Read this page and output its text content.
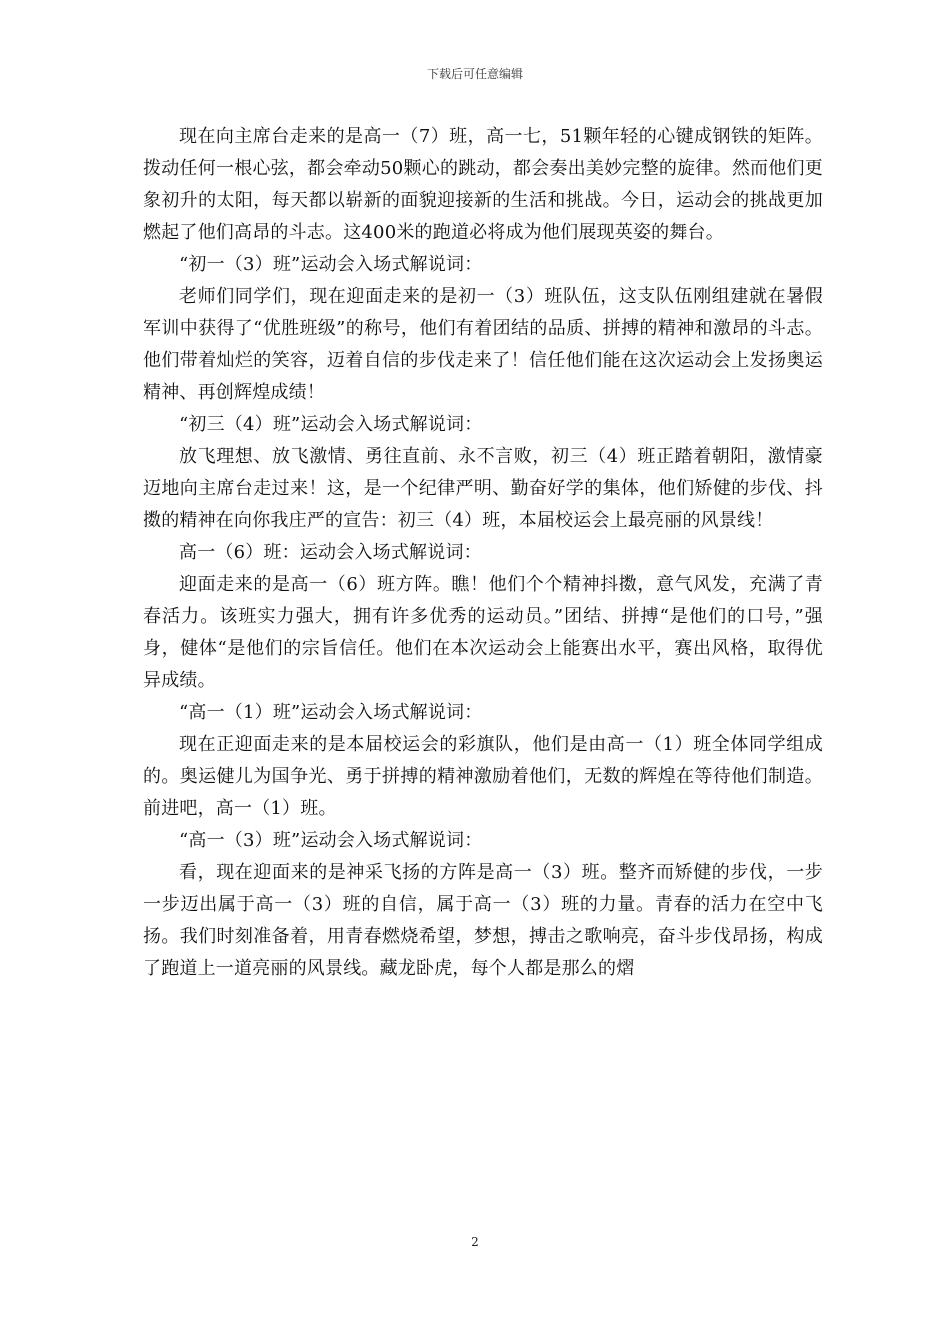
下载后可任意编辑

现在向主席台走来的是高一（7）班，高一七，51颗年轻的心键成钢铁的矩阵。拨动任何一根心弦，都会牵动50颗心的跳动，都会奏出美妙完整的旋律。然而他们更象初升的太阳，每天都以崭新的面貌迎接新的生活和挑战。今日，运动会的挑战更加燃起了他们高昂的斗志。这400米的跑道必将成为他们展现英姿的舞台。

“初一（3）班”运动会入场式解说词：

老师们同学们，现在迎面走来的是初一（3）班队伍，这支队伍刚组建就在暑假军训中获得了“优胜班级”的称号，他们有着团结的品质、拼搏的精神和激昂的斗志。他们带着灿烂的笑容，迈着自信的步伐走来了！信任他们能在这次运动会上发扬奥运精神、再创辉煌成绩！

“初三（4）班”运动会入场式解说词：

放飞理想、放飞激情、勇往直前、永不言败，初三（4）班正踏着朝阳，激情豪迈地向主席台走过来！这，是一个纪律严明、勤奋好学的集体，他们矫健的步伐、抖擞的精神在向你我庄严的宣告：初三（4）班，本届校运会上最亮丽的风景线！

高一（6）班：运动会入场式解说词：

迎面走来的是高一（6）班方阵。瞧！他们个个精神抖擞，意气风发，充满了青春活力。该班实力强大，拥有许多优秀的运动员。”团结、拼搏“是他们的口号，”强身，健体“是他们的宗旨信任。他们在本次运动会上能赛出水平，赛出风格，取得优异成绩。

“高一（1）班”运动会入场式解说词：

现在正迎面走来的是本届校运会的彩旗队，他们是由高一（1）班全体同学组成的。奥运健儿为国争光、勇于拼搏的精神激励着他们，无数的辉煌在等待他们制造。前进吧，高一（1）班。

“高一（3）班”运动会入场式解说词：

看，现在迎面来的是神采飞扬的方阵是高一（3）班。整齐而矫健的步伐，一步一步迈出属于高一（3）班的自信，属于高一（3）班的力量。青春的活力在空中飞扬。我们时刻准备着，用青春燃烧希望，梦想，搏击之歌响亮，奋斗步伐昂扬，构成了跑道上一道亮丽的风景线。藏龙卧虎，每个人都是那么的熠

2
